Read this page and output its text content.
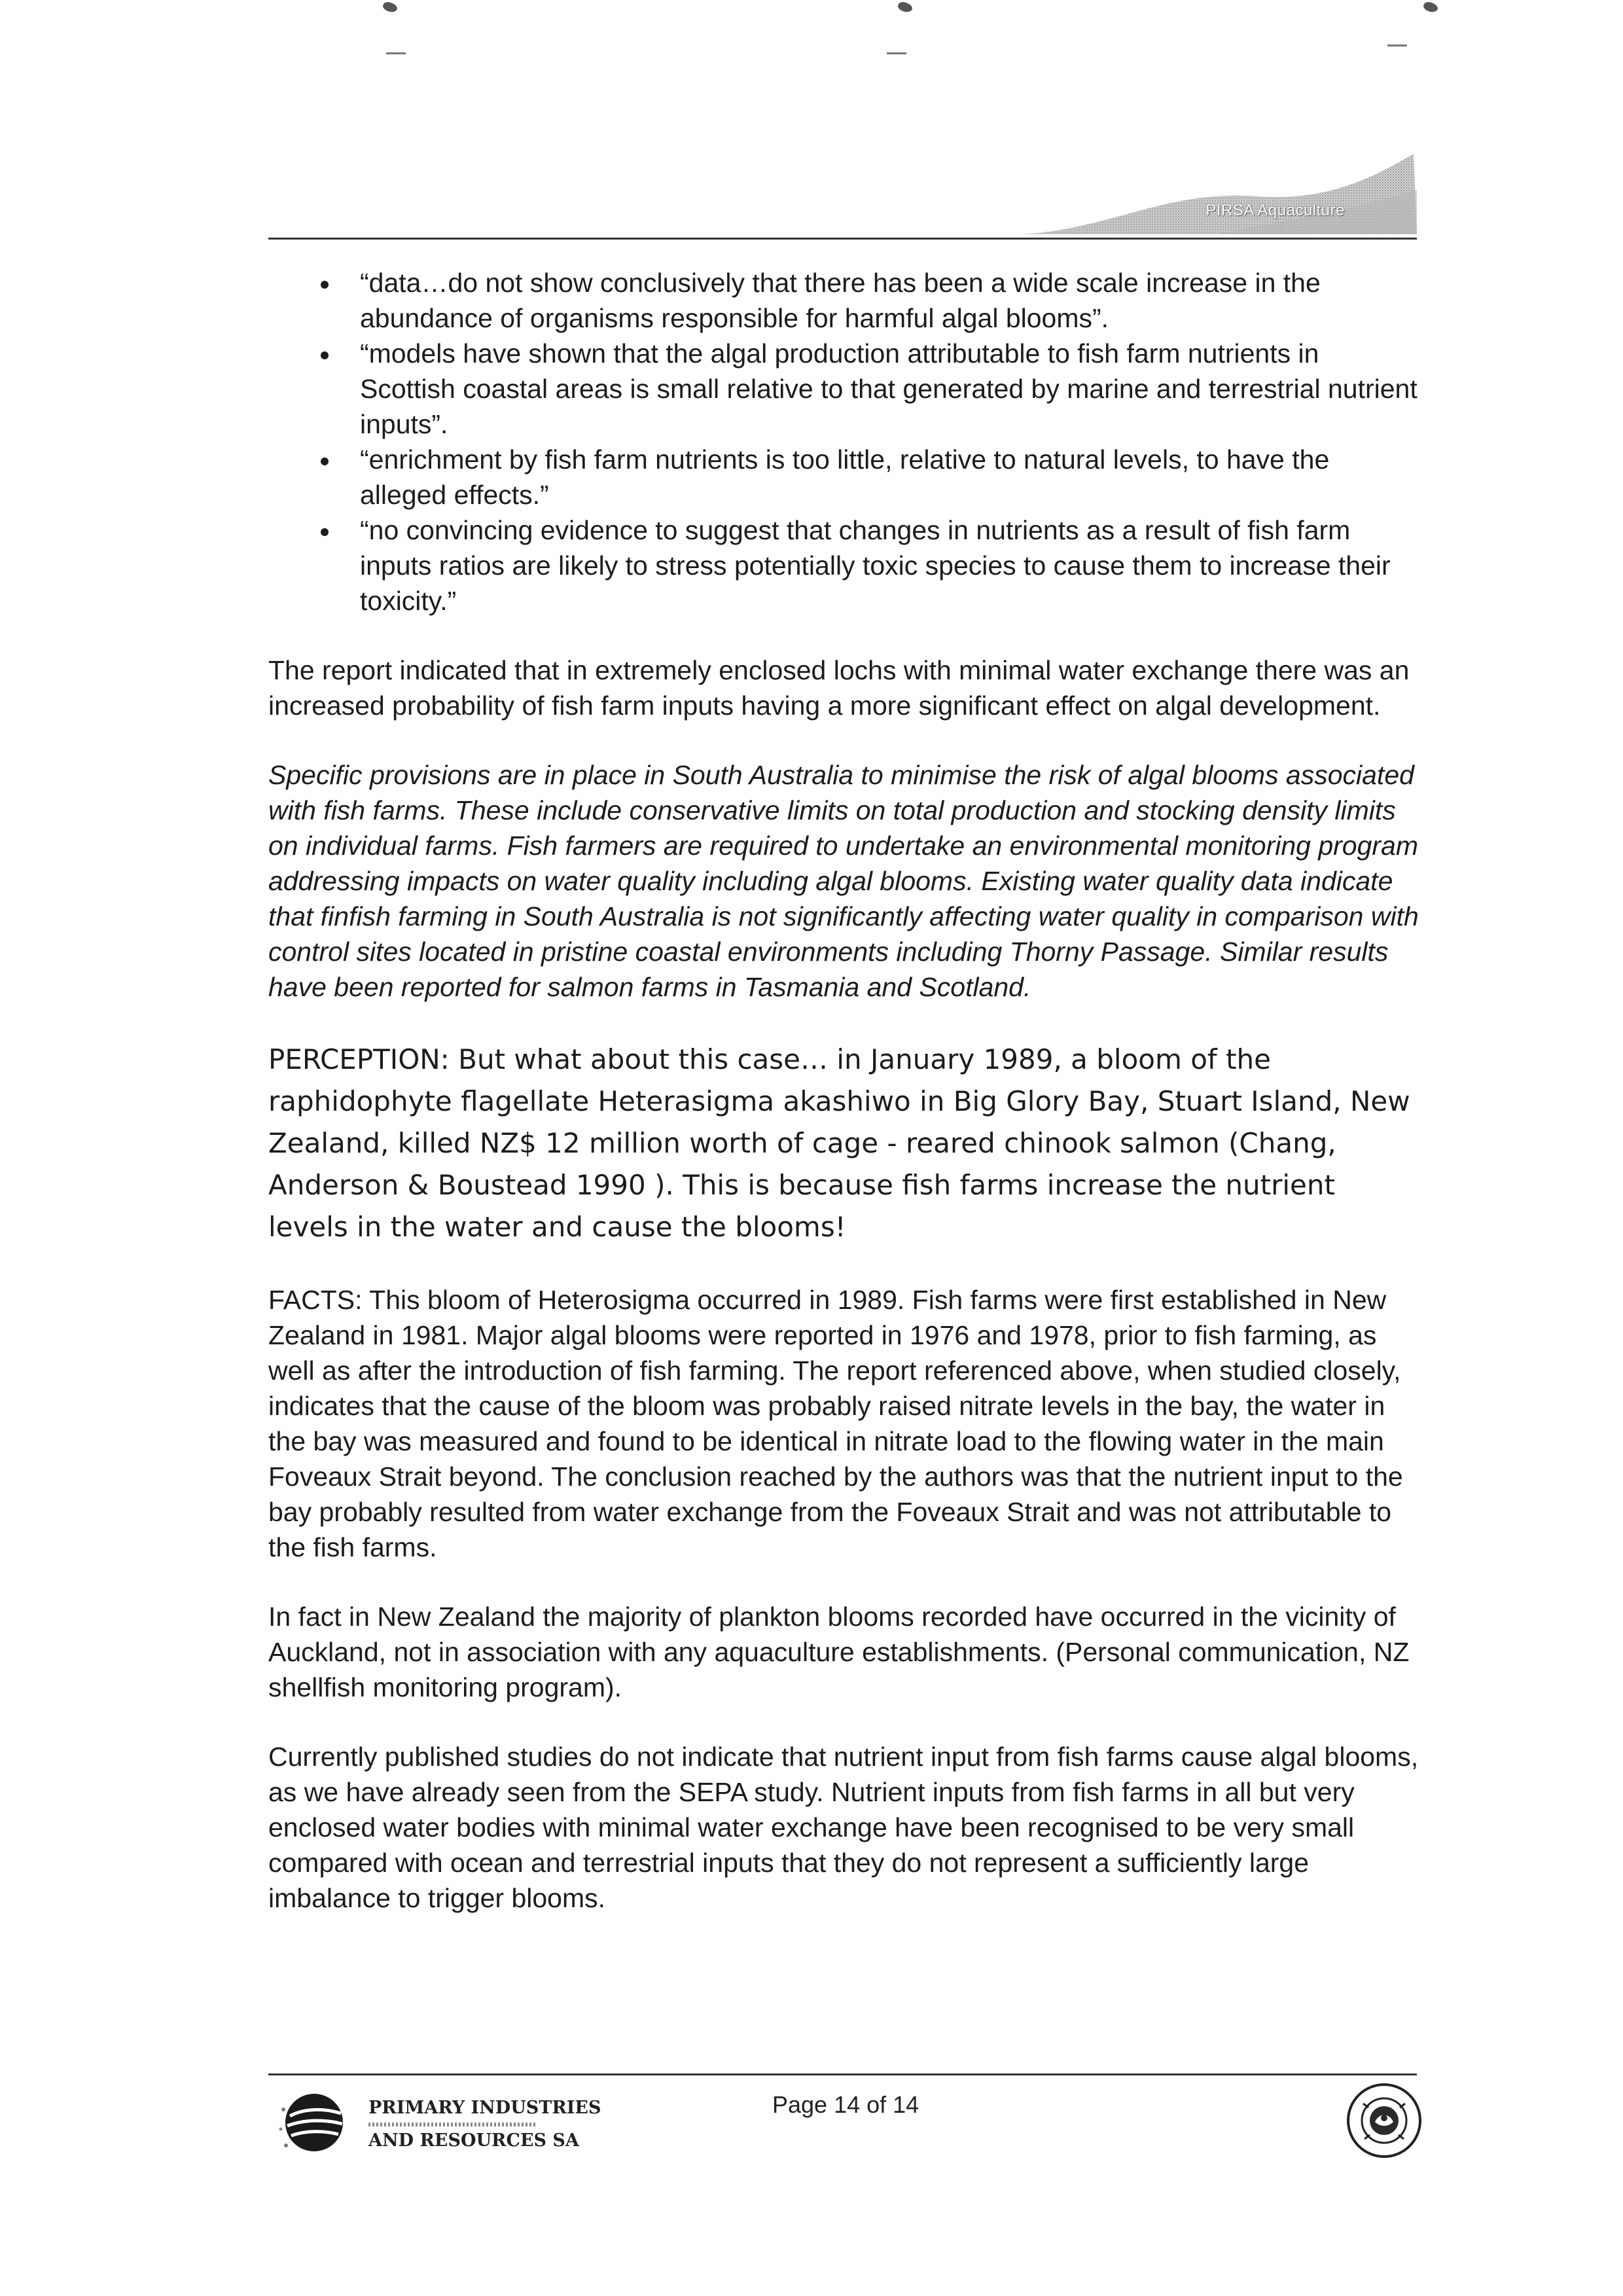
PIRSA Aquaculture
“data…do not show conclusively that there has been a wide scale increase in the abundance of organisms responsible for harmful algal blooms”.
“models have shown that the algal production attributable to fish farm nutrients in Scottish coastal areas is small relative to that generated by marine and terrestrial nutrient inputs”.
“enrichment by fish farm nutrients is too little, relative to natural levels, to have the alleged effects.”
“no convincing evidence to suggest that changes in nutrients as a result of fish farm inputs ratios are likely to stress potentially toxic species to cause them to increase their toxicity.”

The report indicated that in extremely enclosed lochs with minimal water exchange there was an increased probability of fish farm inputs having a more significant effect on algal development.

Specific provisions are in place in South Australia to minimise the risk of algal blooms associated with fish farms. These include conservative limits on total production and stocking density limits on individual farms. Fish farmers are required to undertake an environmental monitoring program addressing impacts on water quality including algal blooms. Existing water quality data indicate that finfish farming in South Australia is not significantly affecting water quality in comparison with control sites located in pristine coastal environments including Thorny Passage. Similar results have been reported for salmon farms in Tasmania and Scotland.

PERCEPTION: But what about this case… in January 1989, a bloom of the raphidophyte flagellate Heterasigma akashiwo in Big Glory Bay, Stuart Island, New Zealand, killed NZ$ 12 million worth of cage - reared chinook salmon (Chang, Anderson & Boustead 1990 ). This is because fish farms increase the nutrient levels in the water and cause the blooms!

FACTS: This bloom of Heterosigma occurred in 1989. Fish farms were first established in New Zealand in 1981. Major algal blooms were reported in 1976 and 1978, prior to fish farming, as well as after the introduction of fish farming. The report referenced above, when studied closely, indicates that the cause of the bloom was probably raised nitrate levels in the bay, the water in the bay was measured and found to be identical in nitrate load to the flowing water in the main Foveaux Strait beyond. The conclusion reached by the authors was that the nutrient input to the bay probably resulted from water exchange from the Foveaux Strait and was not attributable to the fish farms.

In fact in New Zealand the majority of plankton blooms recorded have occurred in the vicinity of Auckland, not in association with any aquaculture establishments. (Personal communication, NZ shellfish monitoring program).

Currently published studies do not indicate that nutrient input from fish farms cause algal blooms, as we have already seen from the SEPA study. Nutrient inputs from fish farms in all but very enclosed water bodies with minimal water exchange have been recognised to be very small compared with ocean and terrestrial inputs that they do not represent a sufficiently large imbalance to trigger blooms.

PRIMARY INDUSTRIES
AND RESOURCES SA
Page 14 of 14
